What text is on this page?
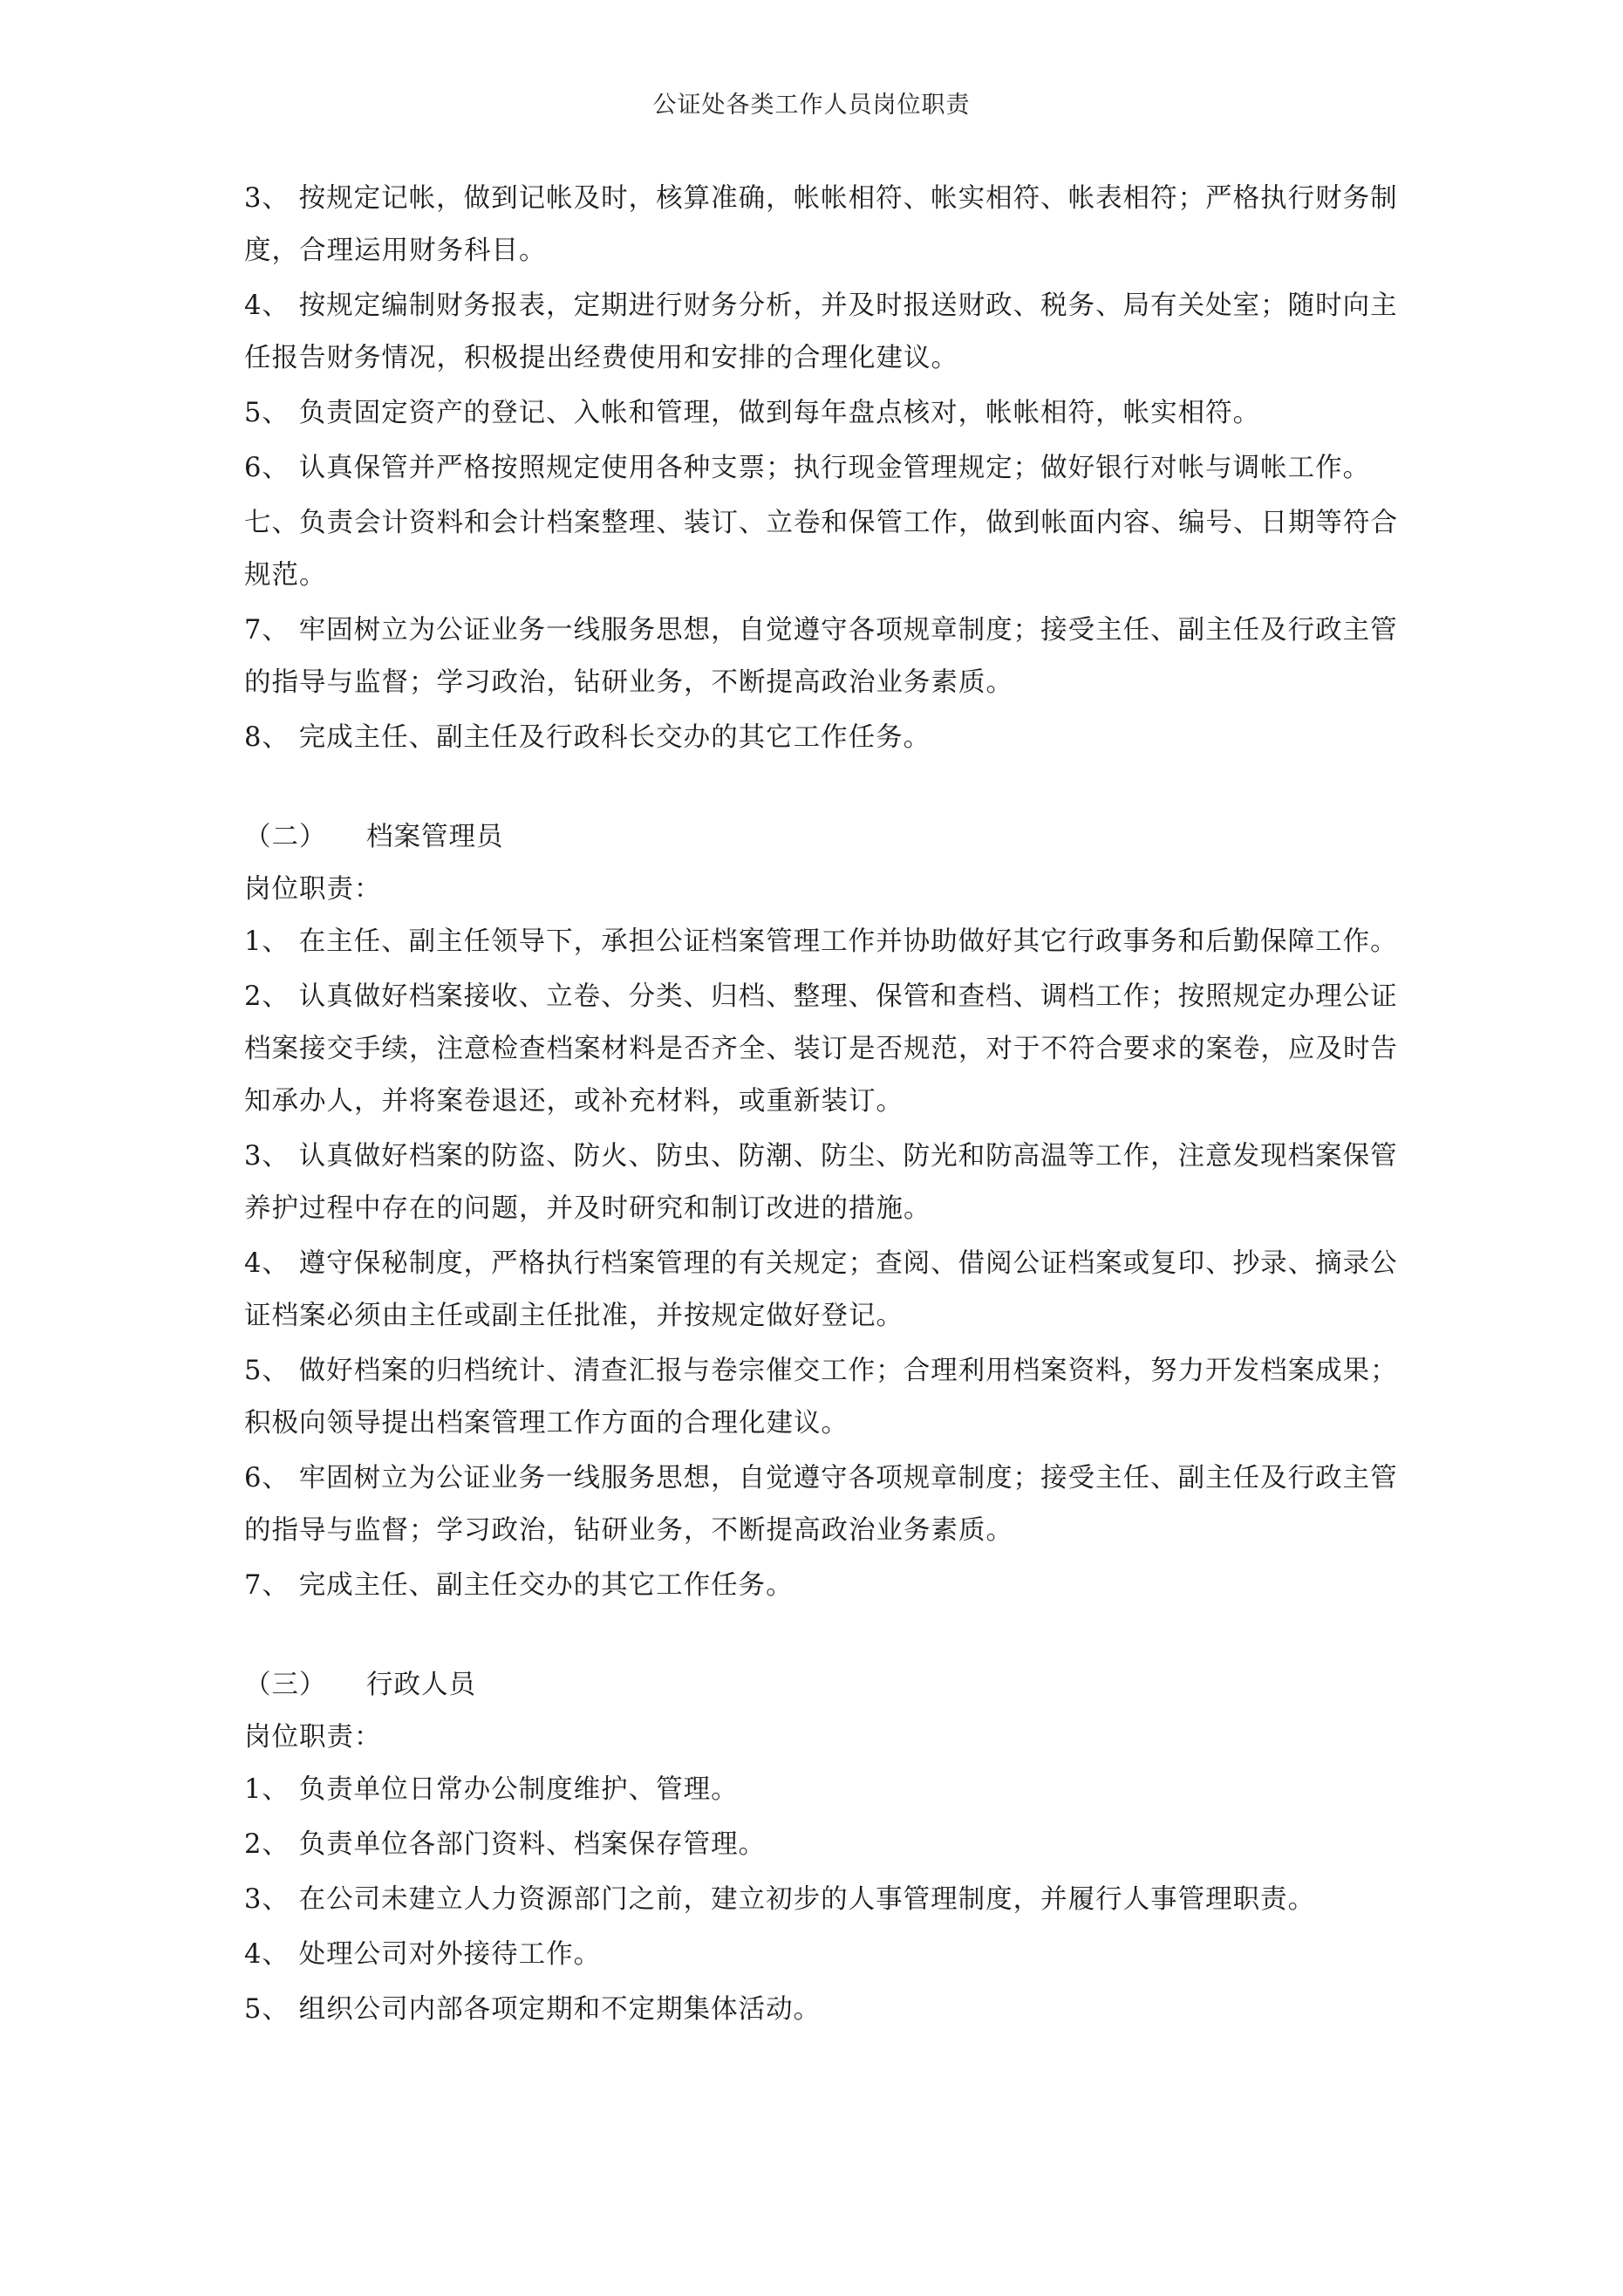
公证处各类工作人员岗位职责

3、 按规定记帐，做到记帐及时，核算准确，帐帐相符、帐实相符、帐表相符；严格执行财务制度，合理运用财务科目。

4、 按规定编制财务报表，定期进行财务分析，并及时报送财政、税务、局有关处室；随时向主任报告财务情况，积极提出经费使用和安排的合理化建议。

5、 负责固定资产的登记、入帐和管理，做到每年盘点核对，帐帐相符，帐实相符。

6、 认真保管并严格按照规定使用各种支票；执行现金管理规定；做好银行对帐与调帐工作。

七、负责会计资料和会计档案整理、装订、立卷和保管工作，做到帐面内容、编号、日期等符合规范。

7、 牢固树立为公证业务一线服务思想，自觉遵守各项规章制度；接受主任、副主任及行政主管的指导与监督；学习政治，钻研业务，不断提高政治业务素质。

8、 完成主任、副主任及行政科长交办的其它工作任务。

（二） 档案管理员

岗位职责：

1、 在主任、副主任领导下，承担公证档案管理工作并协助做好其它行政事务和后勤保障工作。

2、 认真做好档案接收、立卷、分类、归档、整理、保管和查档、调档工作；按照规定办理公证档案接交手续，注意检查档案材料是否齐全、装订是否规范，对于不符合要求的案卷，应及时告知承办人，并将案卷退还，或补充材料，或重新装订。

3、 认真做好档案的防盗、防火、防虫、防潮、防尘、防光和防高温等工作，注意发现档案保管养护过程中存在的问题，并及时研究和制订改进的措施。

4、 遵守保秘制度，严格执行档案管理的有关规定；查阅、借阅公证档案或复印、抄录、摘录公证档案必须由主任或副主任批准，并按规定做好登记。

5、 做好档案的归档统计、清查汇报与卷宗催交工作；合理利用档案资料，努力开发档案成果；积极向领导提出档案管理工作方面的合理化建议。

6、 牢固树立为公证业务一线服务思想，自觉遵守各项规章制度；接受主任、副主任及行政主管的指导与监督；学习政治，钻研业务，不断提高政治业务素质。

7、 完成主任、副主任交办的其它工作任务。

（三） 行政人员

岗位职责：

1、 负责单位日常办公制度维护、管理。

2、 负责单位各部门资料、档案保存管理。

3、 在公司未建立人力资源部门之前，建立初步的人事管理制度，并履行人事管理职责。

4、 处理公司对外接待工作。

5、 组织公司内部各项定期和不定期集体活动。
